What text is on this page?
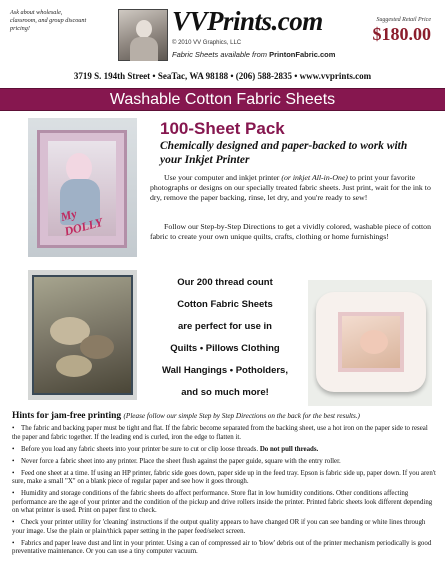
Ask about wholesale, classroom, and group discount pricing!	VVPrints.com
© 2010 VV Graphics, LLC
Fabric Sheets available from PrintonFabric.com
Suggested Retail Price
$180.00
3719 S. 194th Street • SeaTac, WA 98188 • (206) 588-2835 • www.vvprints.com
Washable Cotton Fabric Sheets
My DOLLY
100-Sheet Pack
Chemically designed and paper-backed to work with your Inkjet Printer
Use your computer and inkjet printer (or inkjet All-in-One) to print your favorite photographs or designs on our specially treated fabric sheets. Just print, wait for the ink to dry, remove the paper backing, rinse, let dry, and you're ready to sew!
Follow our Step-by-Step Directions to get a vividly colored, washable piece of cotton fabric to create your own unique quilts, crafts, clothing or home furnishings!
Our 200 thread count
Cotton Fabric Sheets
are perfect for use in
Quilts • Pillows Clothing
Wall Hangings • Potholders,
and so much more!
Hints for jam-free printing (Please follow our simple Step by Step Directions on the back for the best results.)
• The fabric and backing paper must be tight and flat. If the fabric become separated from the backing sheet, use a hot iron on the paper side to reseal the paper and fabric together. If the leading end is curled, iron the edge to flatten it.
• Before you load any fabric sheets into your printer be sure to cut or clip loose threads. Do not pull threads.
• Never force a fabric sheet into any printer. Place the sheet flush against the paper guide, square with the entry roller.
• Feed one sheet at a time. If using an HP printer, fabric side goes down, paper side up in the feed tray. Epson is fabric side up, paper down. If you aren't sure, make a small "X" on a blank piece of regular paper and see how it goes through.
• Humidity and storage conditions of the fabric sheets do affect performance. Store flat in low humidity conditions. Other conditions affecting performance are the age of your printer and the condition of the pickup and drive rollers inside the printer. Printed fabric sheets look different depending on what printer is used. Print on paper first to check.
• Check your printer utility for 'cleaning' instructions if the output quality appears to have changed OR if you can see banding or white lines through your image. Use the plain or plain/thick paper setting in the paper feed/select screen.
• Fabrics and paper leave dust and lint in your printer. Using a can of compressed air to 'blow' debris out of the printer mechanism periodically is good preventative maintenance. Or you can use a tiny computer vacuum.
